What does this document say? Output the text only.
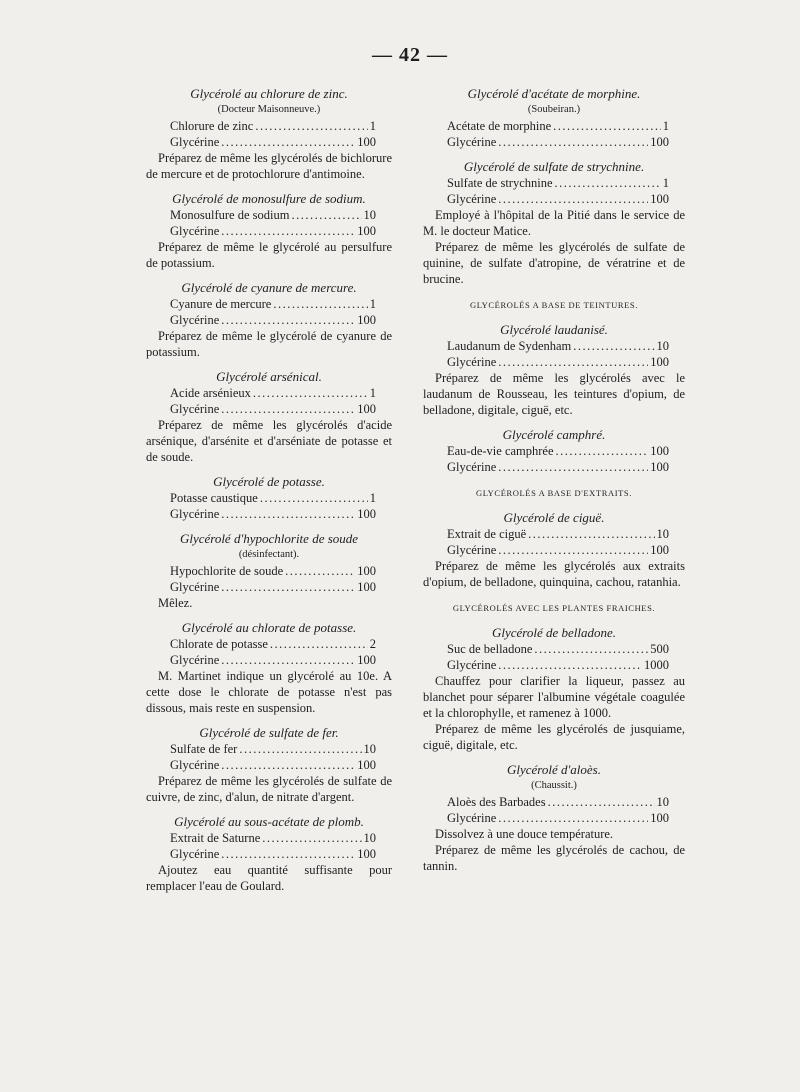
— 42 —
Glycérolé au chlorure de zinc.
(Docteur Maisonneuve.)
Chlorure de zinc .....	1
Glycérine .....	100
Préparez de même les glycérolés de bichlorure de mercure et de protochlorure d'antimoine.
Glycérolé de monosulfure de sodium.
Monosulfure de sodium .....	10
Glycérine .....	100
Préparez de même le glycérolé au persulfure de potassium.
Glycérolé de cyanure de mercure.
Cyanure de mercure .....	1
Glycérine .....	100
Préparez de même le glycérolé de cyanure de potassium.
Glycérolé arsénical.
Acide arsénieux .....	1
Glycérine .....	100
Préparez de même les glycérolés d'acide arsénique, d'arsénite et d'arséniate de potasse et de soude.
Glycérolé de potasse.
Potasse caustique .....	1
Glycérine .....	100
Glycérolé d'hypochlorite de soude
(désinfectant).
Hypochlorite de soude .....	100
Glycérine .....	100
Mêlez.
Glycérolé au chlorate de potasse.
Chlorate de potasse .....	2
Glycérine .....	100
M. Martinet indique un glycérolé au 10e. A cette dose le chlorate de potasse n'est pas dissous, mais reste en suspension.
Glycérolé de sulfate de fer.
Sulfate de fer .....	10
Glycérine .....	100
Préparez de même les glycérolés de sulfate de cuivre, de zinc, d'alun, de nitrate d'argent.
Glycérolé au sous-acétate de plomb.
Extrait de Saturne .....	10
Glycérine .....	100
Ajoutez eau quantité suffisante pour remplacer l'eau de Goulard.
Glycérolé d'acétate de morphine.
(Soubeiran.)
Acétate de morphine .....	1
Glycérine .....	100
Glycérolé de sulfate de strychnine.
Sulfate de strychnine .....	1
Glycérine .....	100
Employé à l'hôpital de la Pitié dans le service de M. le docteur Matice.
Préparez de même les glycérolés de sulfate de quinine, de sulfate d'atropine, de vératrine et de brucine.
GLYCÉROLÉS A BASE DE TEINTURES.
Glycérolé laudanisé.
Laudanum de Sydenham .....	10
Glycérine .....	100
Préparez de même les glycérolés avec le laudanum de Rousseau, les teintures d'opium, de belladone, digitale, ciguë, etc.
Glycérolé camphré.
Eau-de-vie camphrée .....	100
Glycérine .....	100
GLYCÉROLÉS A BASE D'EXTRAITS.
Glycérolé de ciguë.
Extrait de ciguë .....	10
Glycérine .....	100
Préparez de même les glycérolés aux extraits d'opium, de belladone, quinquina, cachou, ratanhia.
GLYCÉROLÉS AVEC LES PLANTES FRAICHES.
Glycérolé de belladone.
Suc de belladone .....	500
Glycérine .....	1000
Chauffez pour clarifier la liqueur, passez au blanchet pour séparer l'albumine végétale coagulée et la chlorophylle, et ramenez à 1000.
Préparez de même les glycérolés de jusquiame, ciguë, digitale, etc.
Glycérolé d'aloès.
(Chaussit.)
Aloès des Barbades .....	10
Glycérine .....	100
Dissolvez à une douce température.
Préparez de même les glycérolés de cachou, de tannin.
